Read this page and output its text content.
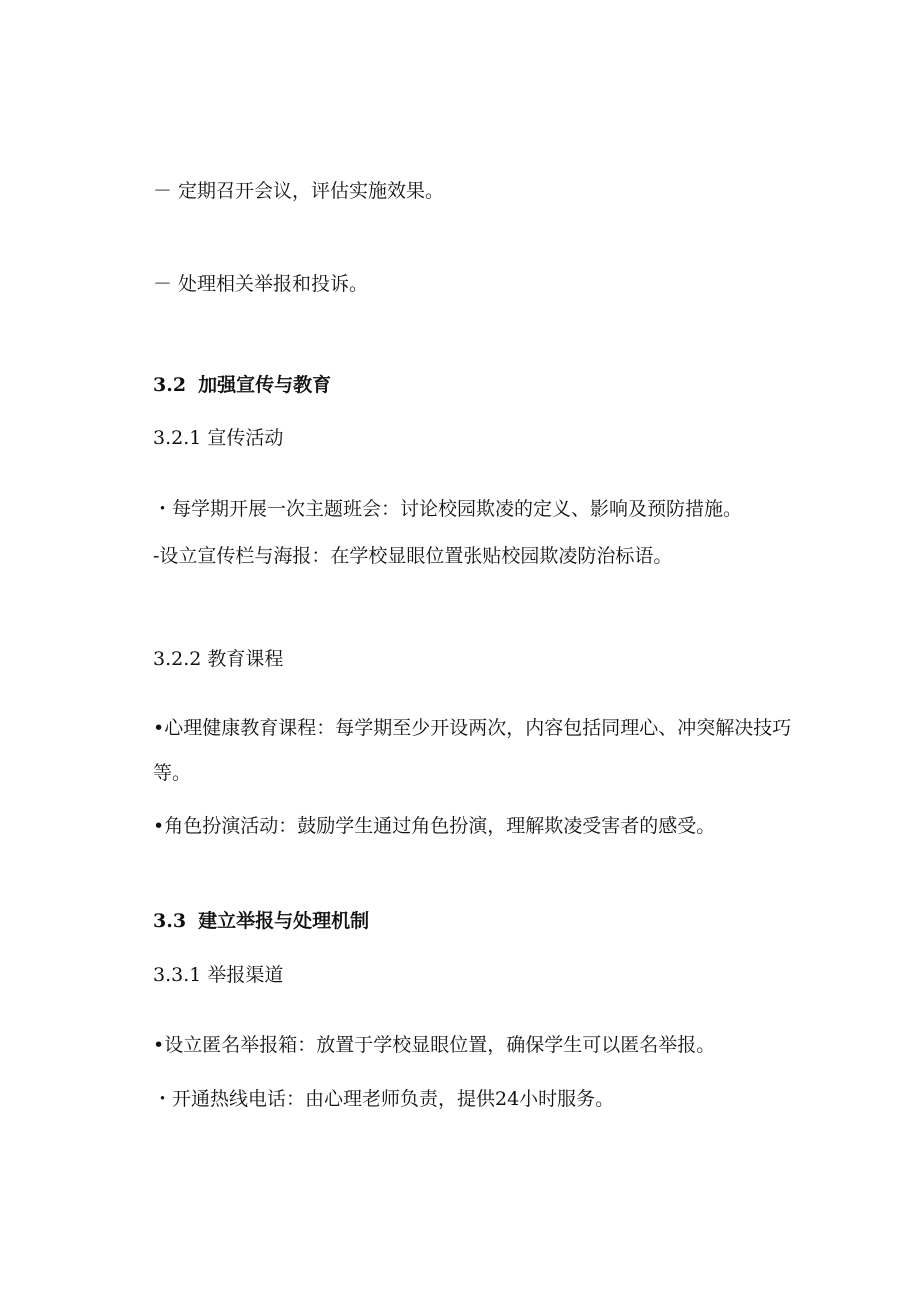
－ 定期召开会议，评估实施效果。
－ 处理相关举报和投诉。
3.2 加强宣传与教育
3.2.1 宣传活动
・每学期开展一次主题班会：讨论校园欺凌的定义、影响及预防措施。
-设立宣传栏与海报：在学校显眼位置张贴校园欺凌防治标语。
3.2.2 教育课程
•心理健康教育课程：每学期至少开设两次，内容包括同理心、冲突解决技巧等。
•角色扮演活动：鼓励学生通过角色扮演，理解欺凌受害者的感受。
3.3 建立举报与处理机制
3.3.1 举报渠道
•设立匿名举报箱：放置于学校显眼位置，确保学生可以匿名举报。
・开通热线电话：由心理老师负责，提供24小时服务。
